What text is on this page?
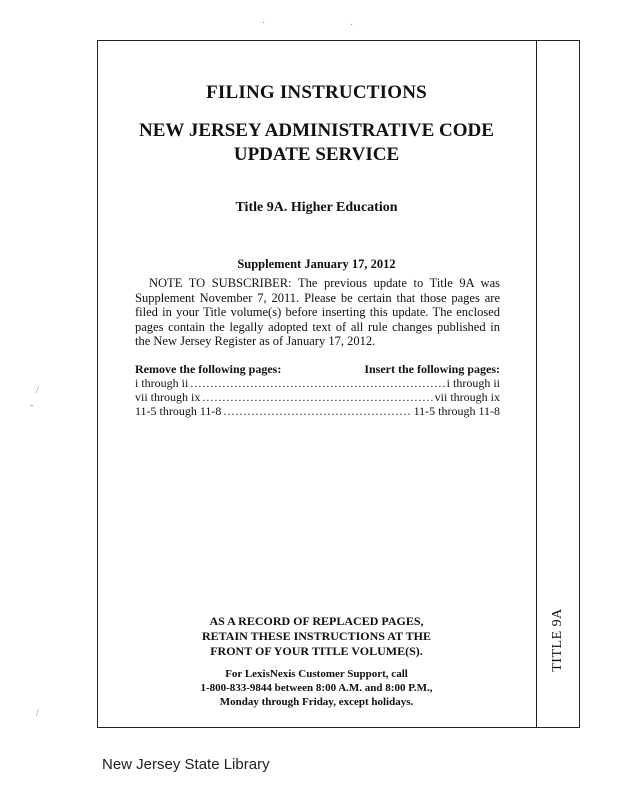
·	·
/
-
/
FILING INSTRUCTIONS
NEW JERSEY ADMINISTRATIVE CODE
UPDATE SERVICE
Title 9A. Higher Education
Supplement January 17, 2012
NOTE TO SUBSCRIBER: The previous update to Title 9A was Supplement November 7, 2011. Please be certain that those pages are filed in your Title volume(s) before inserting this update. The enclosed pages contain the legally adopted text of all rule changes published in the New Jersey Register as of January 17, 2012.
Remove the following pages:	Insert the following pages:
i through ii .....	i through ii
vii through ix .....	vii through ix
11-5 through 11-8 .....	11-5 through 11-8
AS A RECORD OF REPLACED PAGES,
RETAIN THESE INSTRUCTIONS AT THE
FRONT OF YOUR TITLE VOLUME(S).
For LexisNexis Customer Support, call
1-800-833-9844 between 8:00 A.M. and 8:00 P.M.,
Monday through Friday, except holidays.
TITLE 9A
New Jersey State Library
